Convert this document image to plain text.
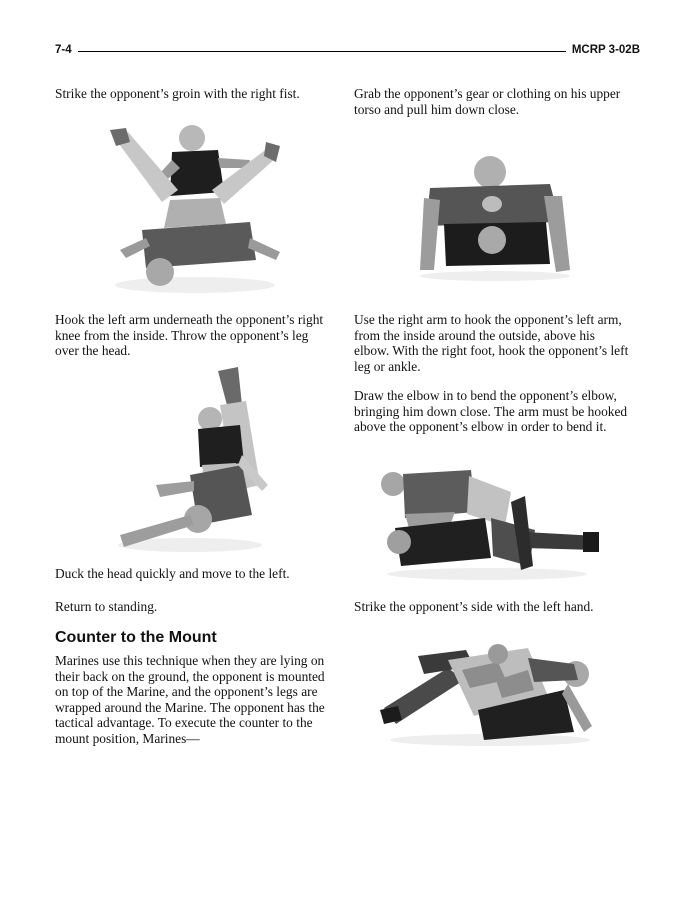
7-4	MCRP 3-02B

Strike the opponent’s groin with the right fist.

Hook the left arm underneath the opponent’s right knee from the inside. Throw the opponent’s leg over the head.

Duck the head quickly and move to the left.

Return to standing.

Counter to the Mount

Marines use this technique when they are lying on their back on the ground, the opponent is mounted on top of the Marine, and the opponent’s legs are wrapped around the Marine. The opponent has the tactical advantage. To execute the counter to the mount position, Marines—

Grab the opponent’s gear or clothing on his upper torso and pull him down close.

Use the right arm to hook the opponent’s left arm, from the inside around the outside, above his elbow. With the right foot, hook the opponent’s left leg or ankle.

Draw the elbow in to bend the opponent’s elbow, bringing him down close. The arm must be hooked above the opponent’s elbow in order to bend it.

Strike the opponent’s side with the left hand.
